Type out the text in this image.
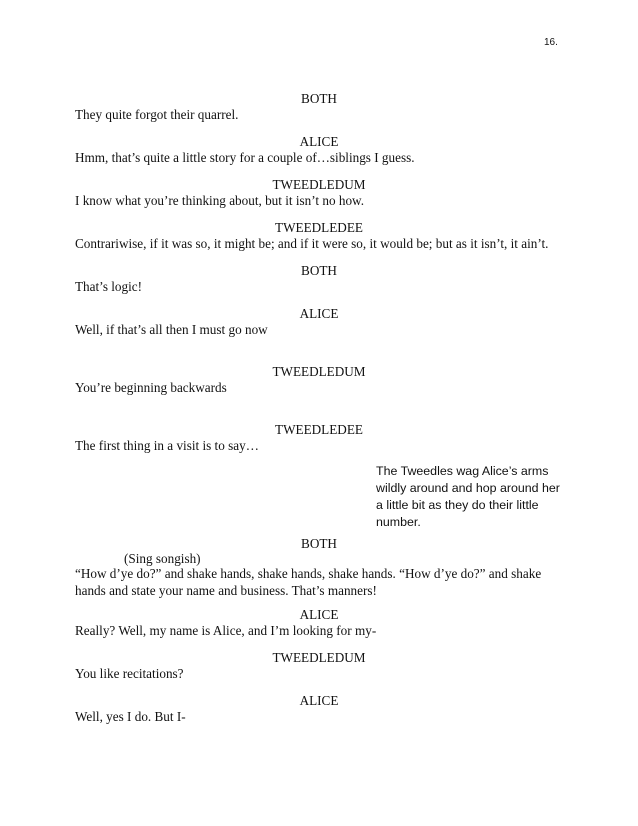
16.
BOTH
They quite forgot their quarrel.
ALICE
Hmm, that’s quite a little story for a couple of…siblings I guess.
TWEEDLEDUM
I know what you’re thinking about, but it isn’t no how.
TWEEDLEDEE
Contrariwise, if it was so, it might be; and if it were so, it would be; but as it isn’t, it ain’t.
BOTH
That’s logic!
ALICE
Well, if that’s all then I must go now
TWEEDLEDUM
You’re beginning backwards
TWEEDLEDEE
The first thing in a visit is to say…
The Tweedles wag Alice’s arms wildly around and hop around her a little bit as they do their little number.
BOTH
(Sing songish)
“How d’ye do?” and shake hands, shake hands, shake hands. “How d’ye do?” and shake hands and state your name and business. That’s manners!
ALICE
Really? Well, my name is Alice, and I’m looking for my-
TWEEDLEDUM
You like recitations?
ALICE
Well, yes I do. But I-
